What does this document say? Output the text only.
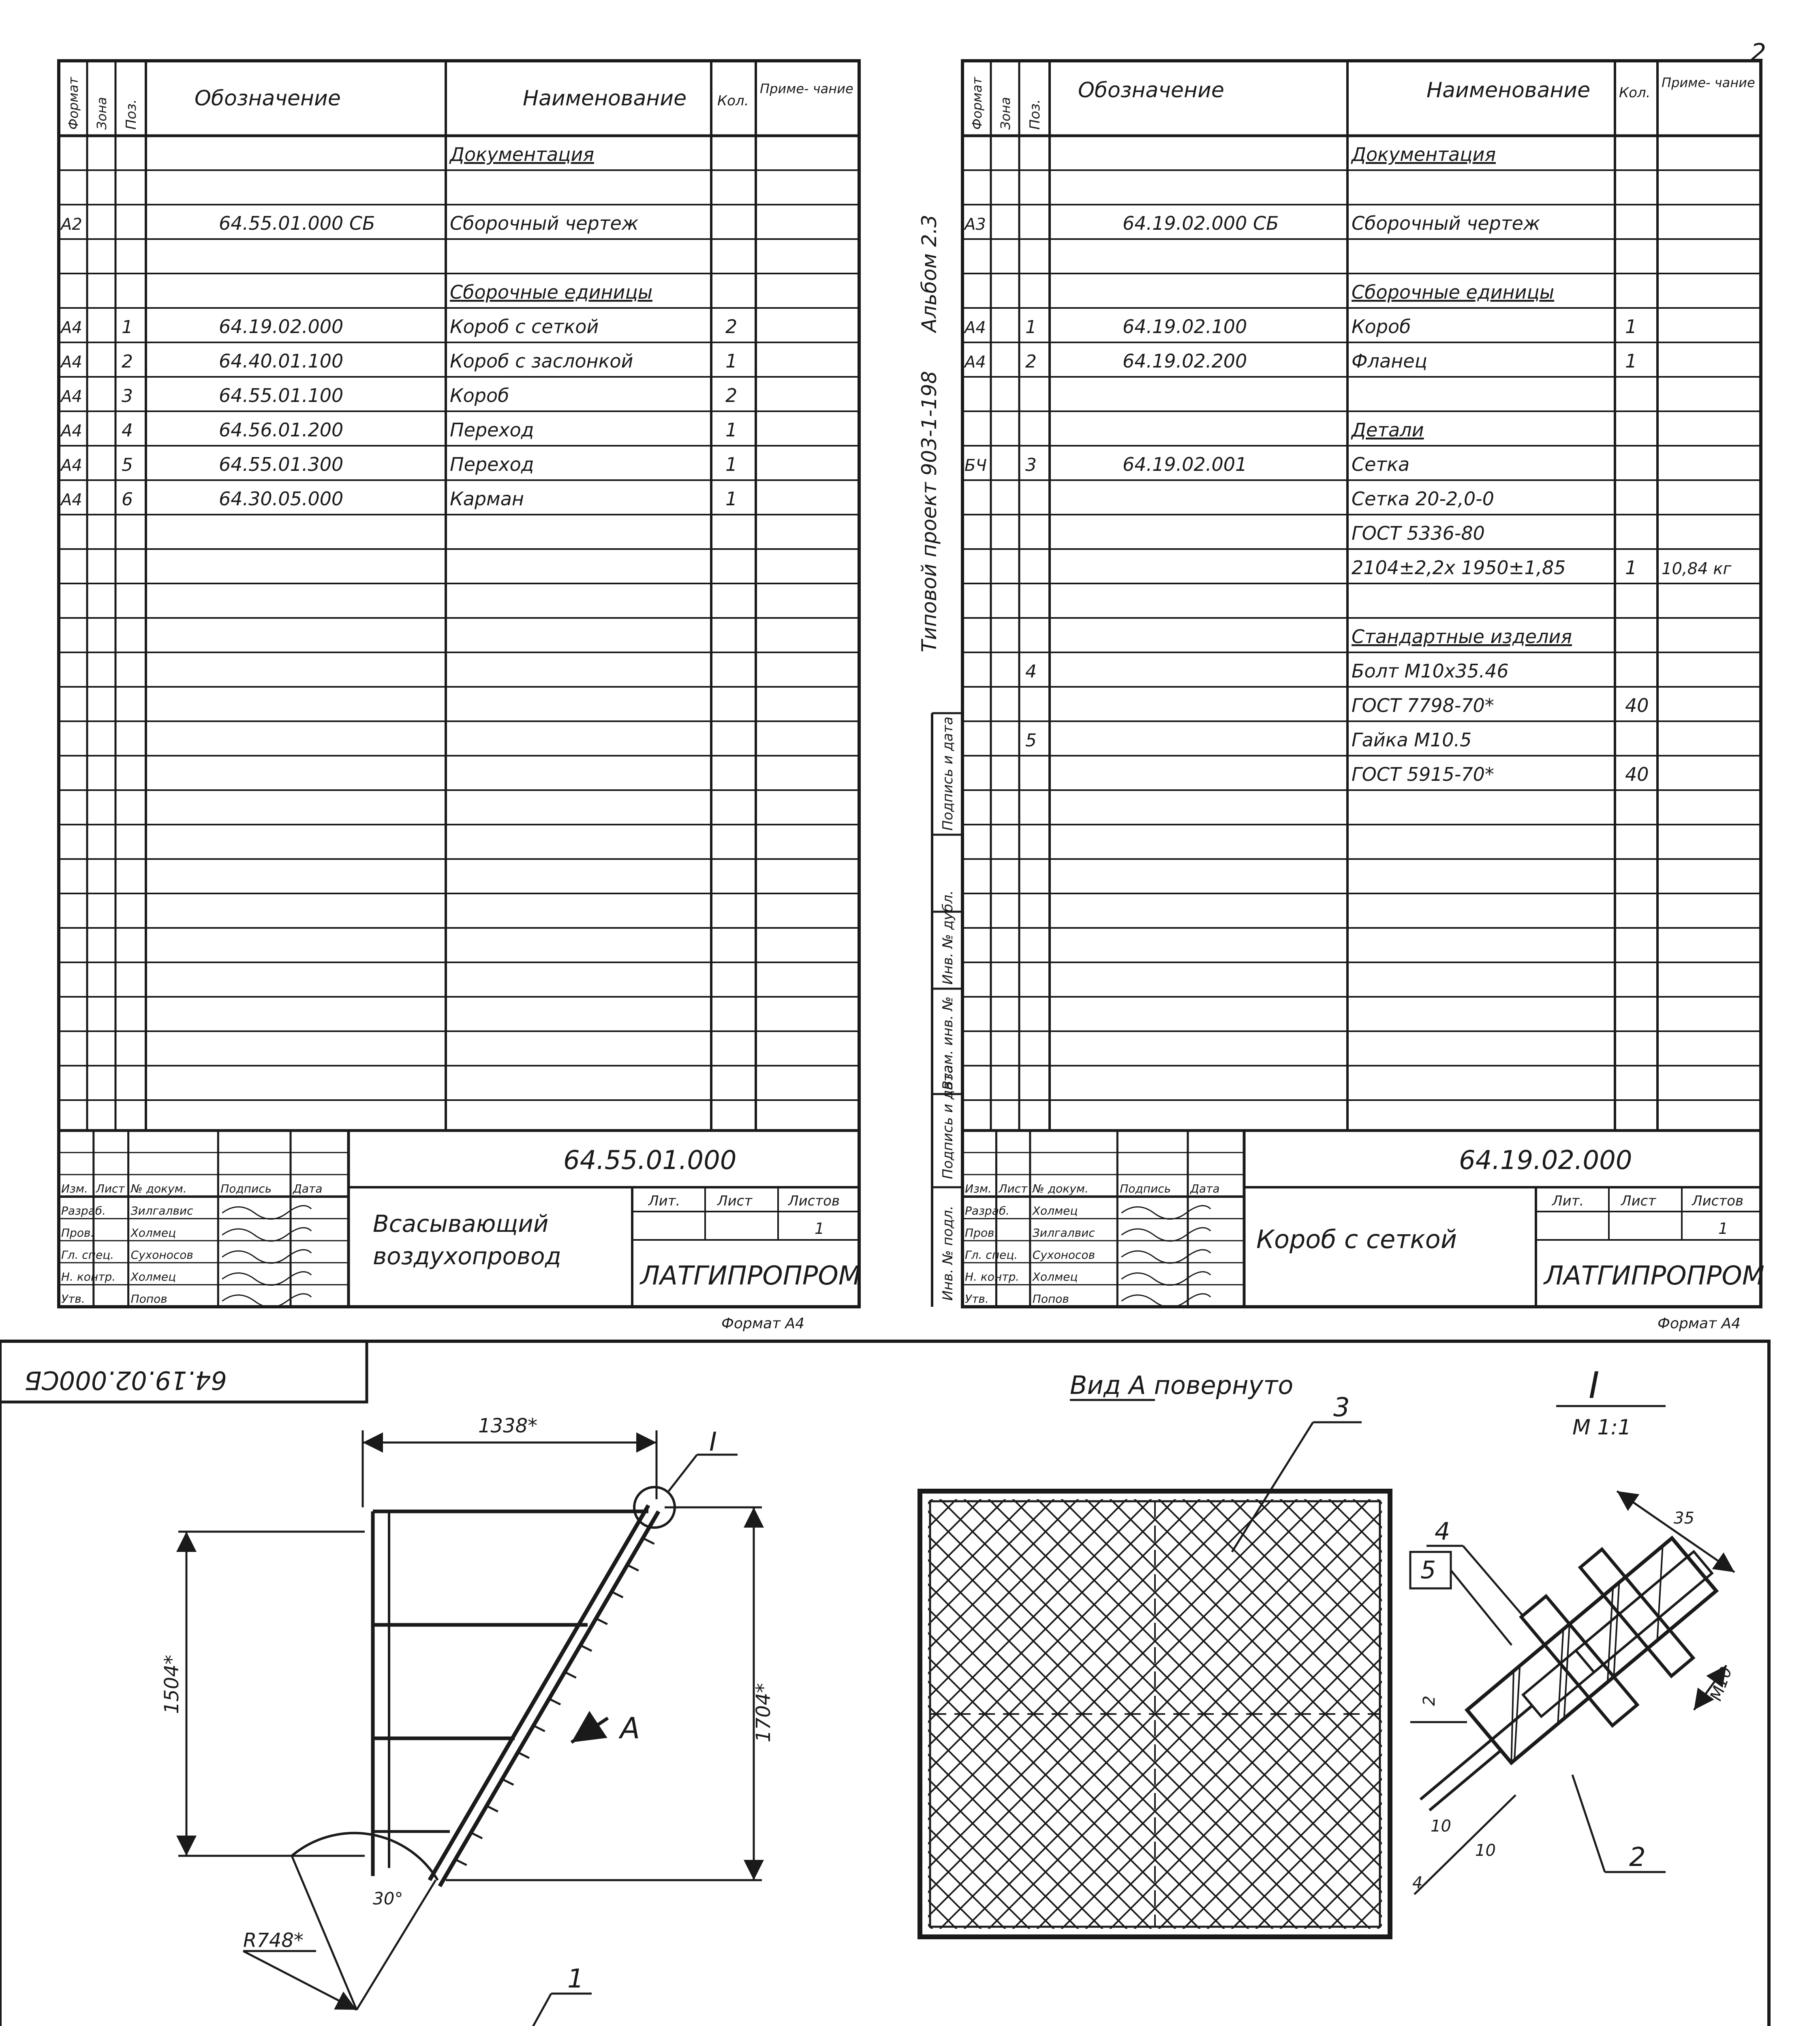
2
Формат Зона Поз.
Обозначение	Наименование Кол.
Приме- чание
Документация
А2	64.55.01.000 СБ	Сборочный чертеж
Сборочные единицы
А4 1	64.19.02.000	Короб с сеткой	2
А4 2	64.40.01.100	Короб с заслонкой	1
А4 3	64.55.01.100	Короб	2
А4 4	64.56.01.200	Переход	1
А4 5	64.55.01.300	Переход	1
А4 6	64.30.05.000	Карман	1
Изм. Лист № докум.	Подпись Дата
Разраб. Зилгалвис
Пров.	Холмец
Гл. спец. Сухоносов
Н. контр. Холмец
Утв.	Попов
64.55.01.000
Всасывающий
воздухопровод
Лит.	Лист	Листов
1
ЛАТГИПРОПРОМ
Формат А4
Формат Зона Поз.
Обозначение	Наименование Кол.
Приме- чание
Документация
А3	64.19.02.000 СБ	Сборочный чертеж
Сборочные единицы
А4 1	64.19.02.100	Короб	1
А4 2	64.19.02.200	Фланец	1
Детали
БЧ 3	64.19.02.001	Сетка
Сетка 20-2,0-0
ГОСТ 5336-80
2104±2,2х 1950±1,85	1 10,84 кг
Стандартные изделия
4	Болт М10х35.46
ГОСТ 7798-70*	40
5	Гайка М10.5
ГОСТ 5915-70*	40
Типовой проект 903-1-198
Альбом 2.3
Инв. № подл.
Подпись и дата
Взам. инв. №
Инв. № дубл.
Подпись и дата
Изм. Лист № докум.	Подпись Дата
Разраб. Холмец
Пров.	Зилгалвис
Гл. спец. Сухоносов
Н. контр. Холмец
Утв.	Попов
64.19.02.000
Короб с сеткой
Лит.	Лист	Листов
1
ЛАТГИПРОПРОМ
Формат А4
64.19.02.000СБ
R748*
30°
1338*
1504*	1704*
А
I
1
Вид А повернуто
3
I
М 1:1
35
М10
4
5
2
2
10
10
4
